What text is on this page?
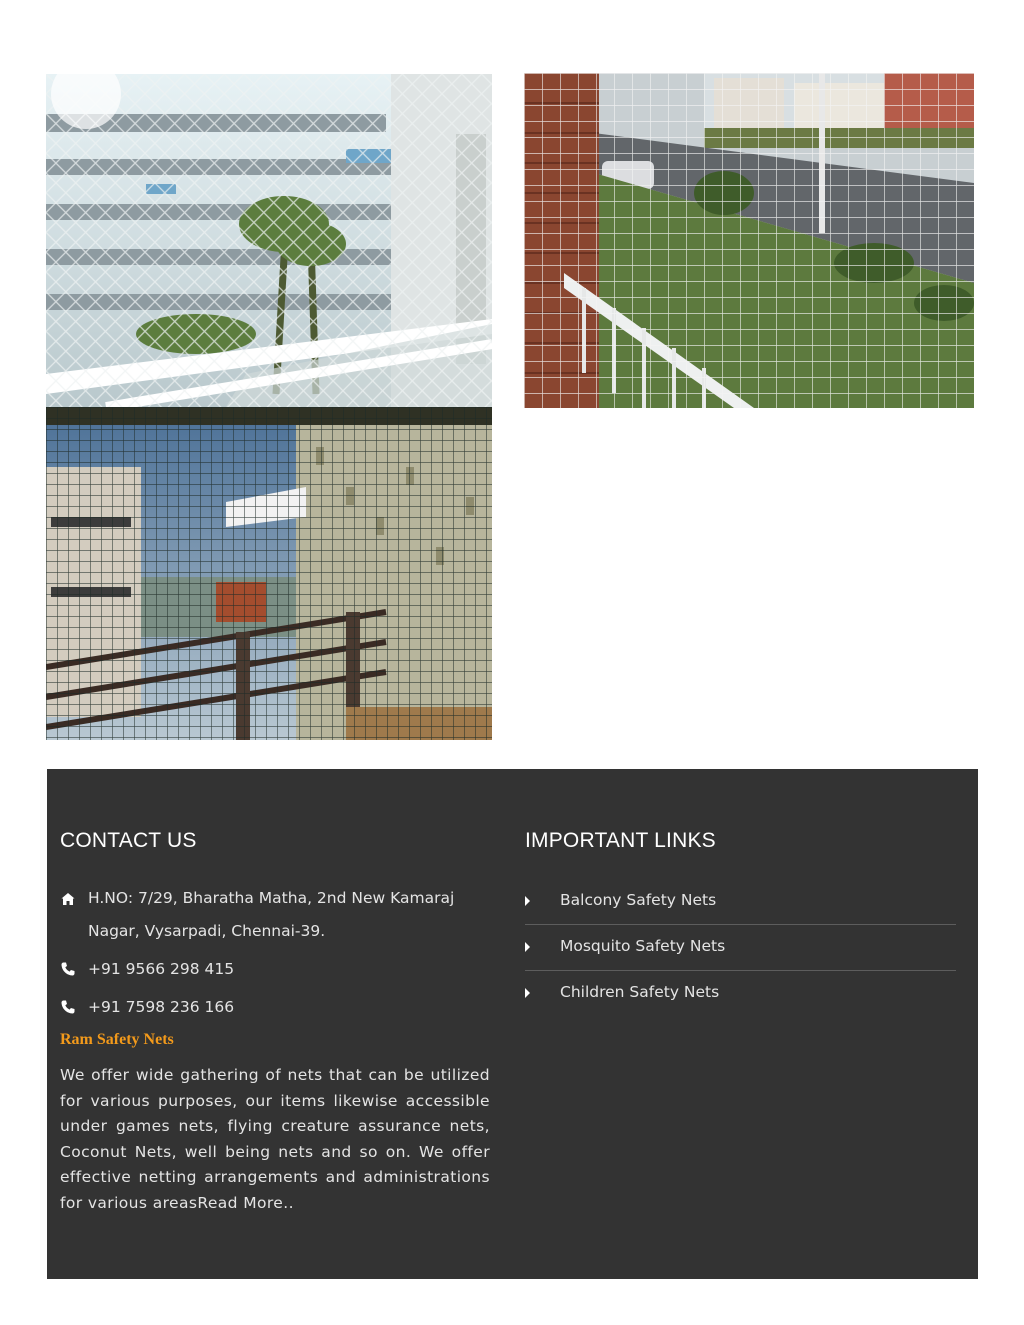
CONTACT US
H.NO: 7/29, Bharatha Matha, 2nd New Kamaraj Nagar, Vysarpadi, Chennai-39.
+91 9566 298 415
+91 7598 236 166
Ram Safety Nets

We offer wide gathering of nets that can be utilized for various purposes, our items likewise accessible under games nets, flying creature assurance nets, Coconut Nets, well being nets and so on. We offer effective netting arrangements and administrations for various areasRead More..

IMPORTANT LINKS
Balcony Safety Nets
Mosquito Safety Nets
Children Safety Nets
